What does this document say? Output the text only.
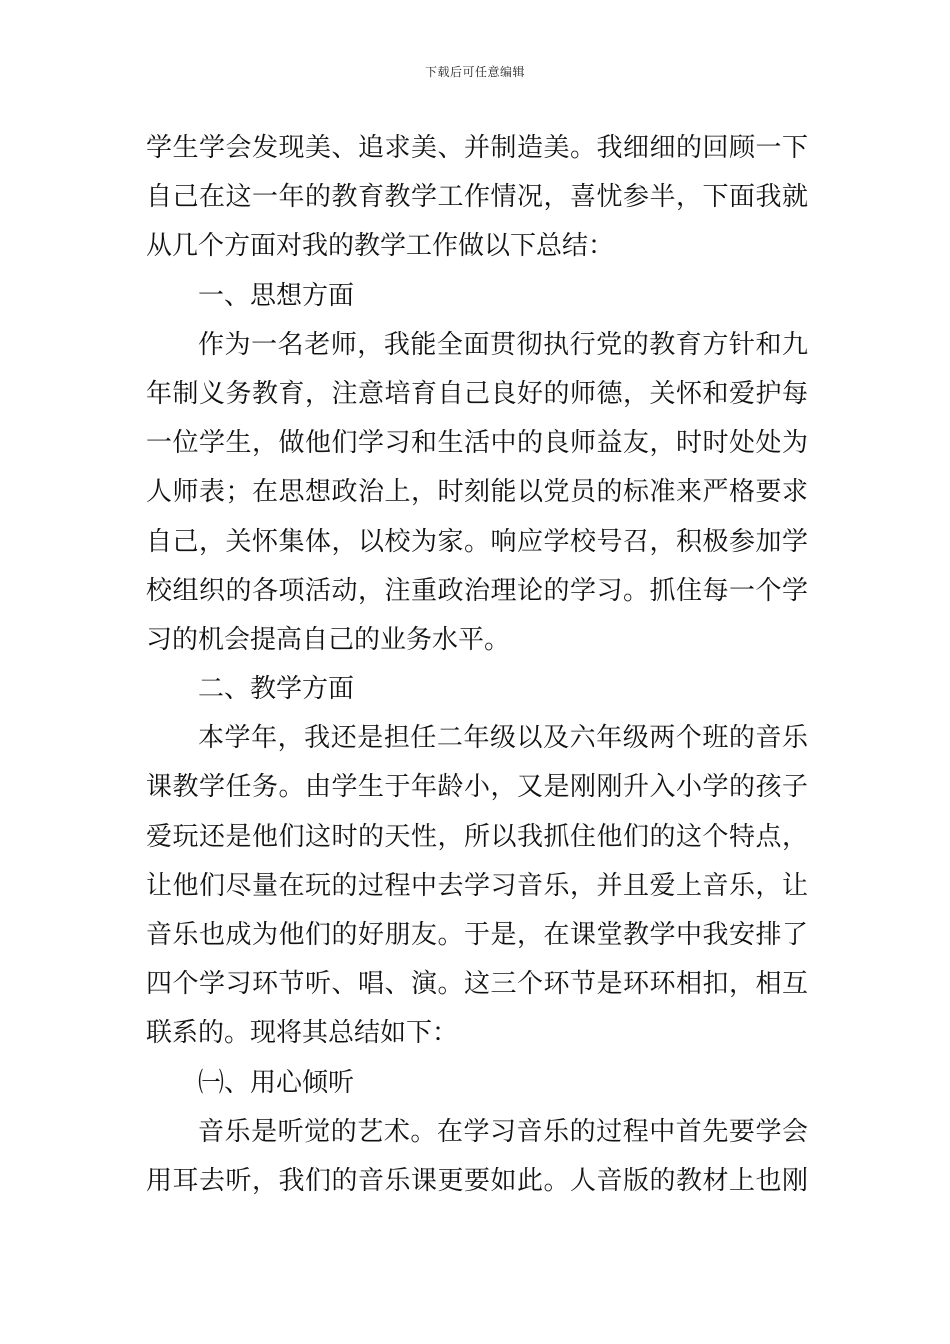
下载后可任意编辑
学生学会发现美、追求美、并制造美。我细细的回顾一下
自己在这一年的教育教学工作情况，喜忧参半，下面我就
从几个方面对我的教学工作做以下总结：
一、思想方面
作为一名老师，我能全面贯彻执行党的教育方针和九
年制义务教育，注意培育自己良好的师德，关怀和爱护每
一位学生，做他们学习和生活中的良师益友，时时处处为
人师表；在思想政治上，时刻能以党员的标准来严格要求
自己，关怀集体，以校为家。响应学校号召，积极参加学
校组织的各项活动，注重政治理论的学习。抓住每一个学
习的机会提高自己的业务水平。
二、教学方面
本学年，我还是担任二年级以及六年级两个班的音乐
课教学任务。由学生于年龄小，又是刚刚升入小学的孩子
爱玩还是他们这时的天性，所以我抓住他们的这个特点，
让他们尽量在玩的过程中去学习音乐，并且爱上音乐，让
音乐也成为他们的好朋友。于是，在课堂教学中我安排了
四个学习环节听、唱、演。这三个环节是环环相扣，相互
联系的。现将其总结如下：
㈠、用心倾听
音乐是听觉的艺术。在学习音乐的过程中首先要学会
用耳去听，我们的音乐课更要如此。人音版的教材上也刚
